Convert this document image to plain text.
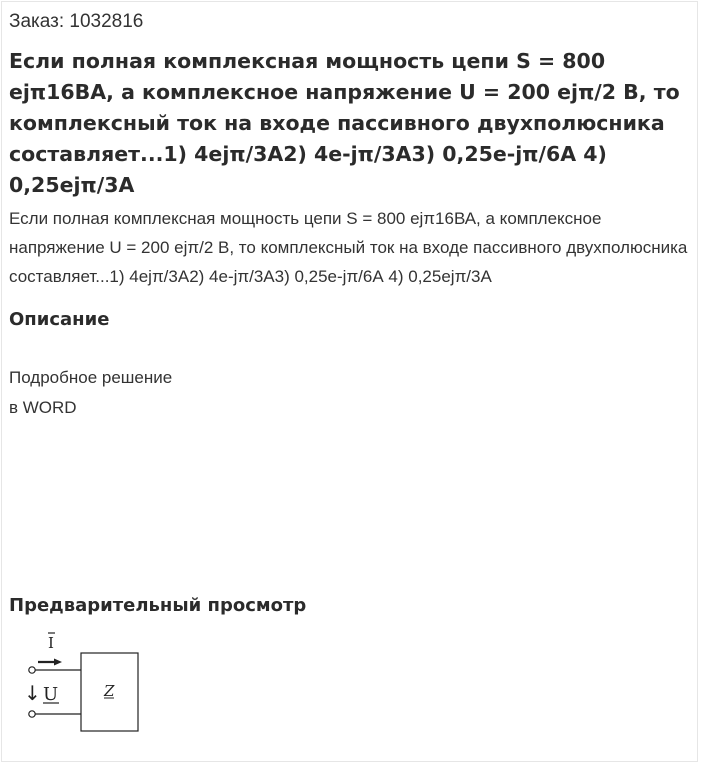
Заказ: 1032816

Если полная комплексная мощность цепи S = 800 ejπ16ВА, а комплексное напряжение U = 200 ejπ/2 В, то комплексный ток на входе пассивного двухполюсника составляет...1) 4ejπ/3А2) 4e-jπ/3А3) 0,25e-jπ/6А 4) 0,25ejπ/3А

Если полная комплексная мощность цепи S = 800 ejπ16ВА, а комплексное напряжение U = 200 ejπ/2 В, то комплексный ток на входе пассивного двухполюсника составляет...1) 4ejπ/3А2) 4e-jπ/3А3) 0,25e-jπ/6А 4) 0,25ejπ/3А

Описание
Подробное решение
в WORD
Предварительный просмотр
I
↓ U	Z
